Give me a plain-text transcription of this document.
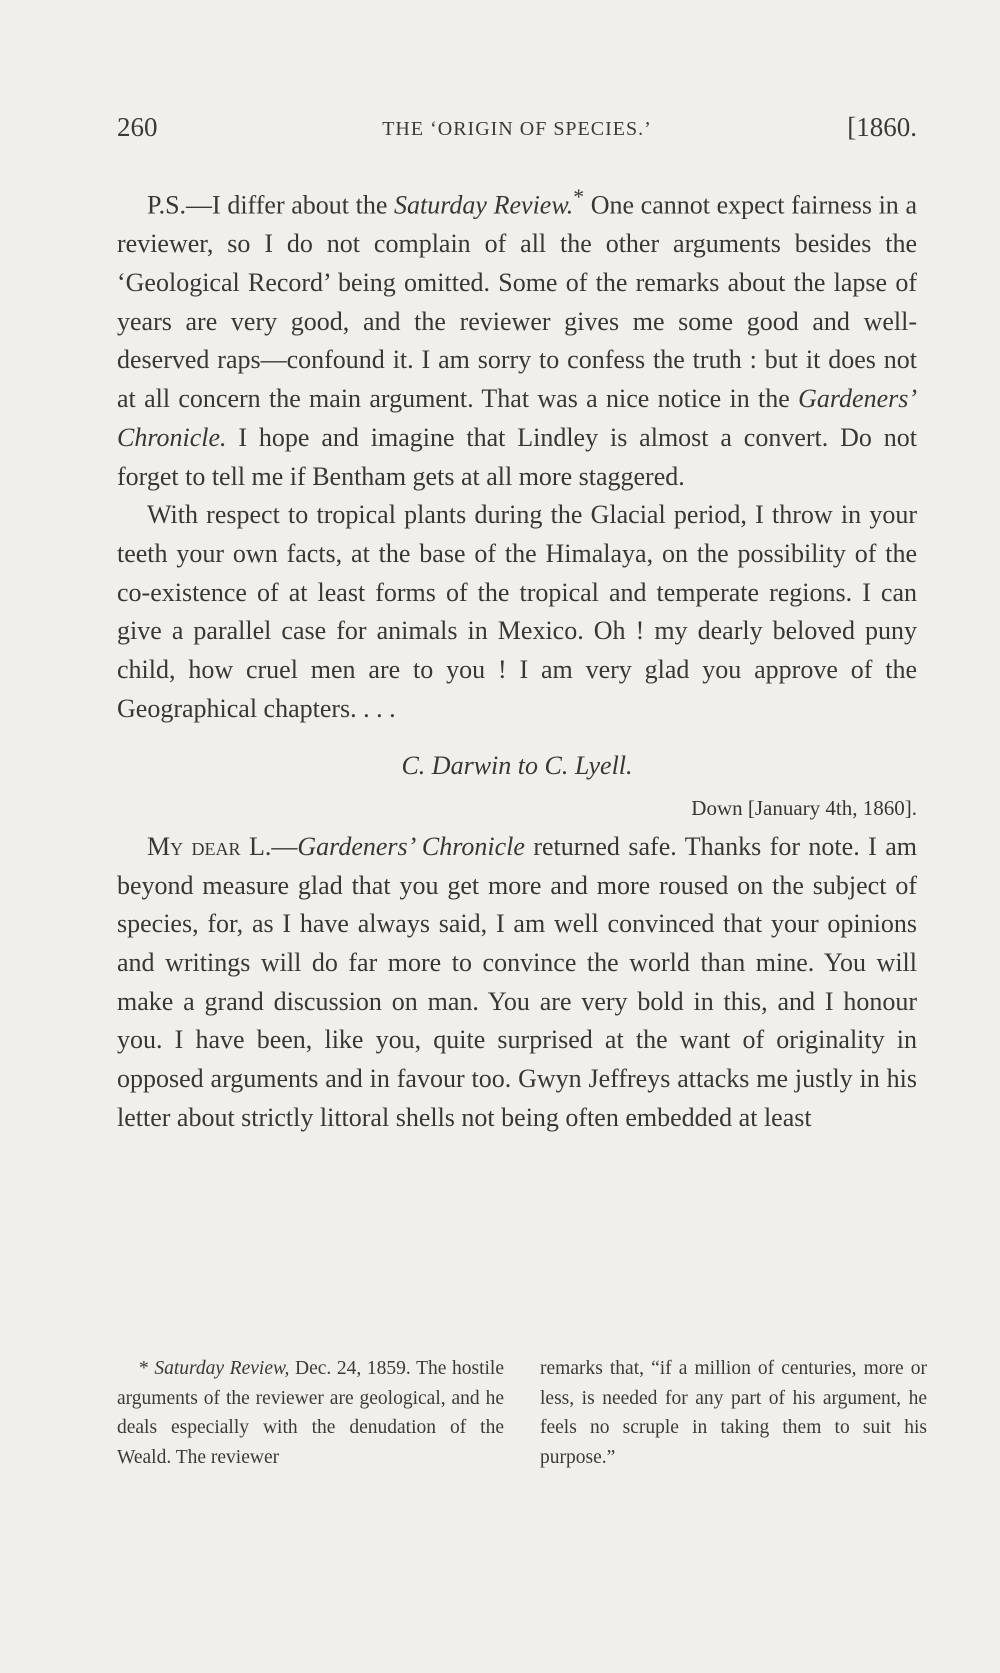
260	THE ‘ORIGIN OF SPECIES.’	[1860.

P.S.—I differ about the Saturday Review.* One cannot expect fairness in a reviewer, so I do not complain of all the other arguments besides the ‘Geological Record’ being omitted. Some of the remarks about the lapse of years are very good, and the reviewer gives me some good and well-deserved raps—confound it. I am sorry to confess the truth : but it does not at all concern the main argument. That was a nice notice in the Gardeners’ Chronicle. I hope and imagine that Lindley is almost a convert. Do not forget to tell me if Bentham gets at all more staggered.

With respect to tropical plants during the Glacial period, I throw in your teeth your own facts, at the base of the Himalaya, on the possibility of the co-existence of at least forms of the tropical and temperate regions. I can give a parallel case for animals in Mexico. Oh ! my dearly beloved puny child, how cruel men are to you ! I am very glad you approve of the Geographical chapters. . . .

C. Darwin to C. Lyell.

Down [January 4th, 1860].

My dear L.—Gardeners’ Chronicle returned safe. Thanks for note. I am beyond measure glad that you get more and more roused on the subject of species, for, as I have always said, I am well convinced that your opinions and writings will do far more to convince the world than mine. You will make a grand discussion on man. You are very bold in this, and I honour you. I have been, like you, quite surprised at the want of originality in opposed arguments and in favour too. Gwyn Jeffreys attacks me justly in his letter about strictly littoral shells not being often embedded at least

* Saturday Review, Dec. 24, 1859. The hostile arguments of the reviewer are geological, and he deals especially with the denudation of the Weald. The reviewer

remarks that, “if a million of centuries, more or less, is needed for any part of his argument, he feels no scruple in taking them to suit his purpose.”
